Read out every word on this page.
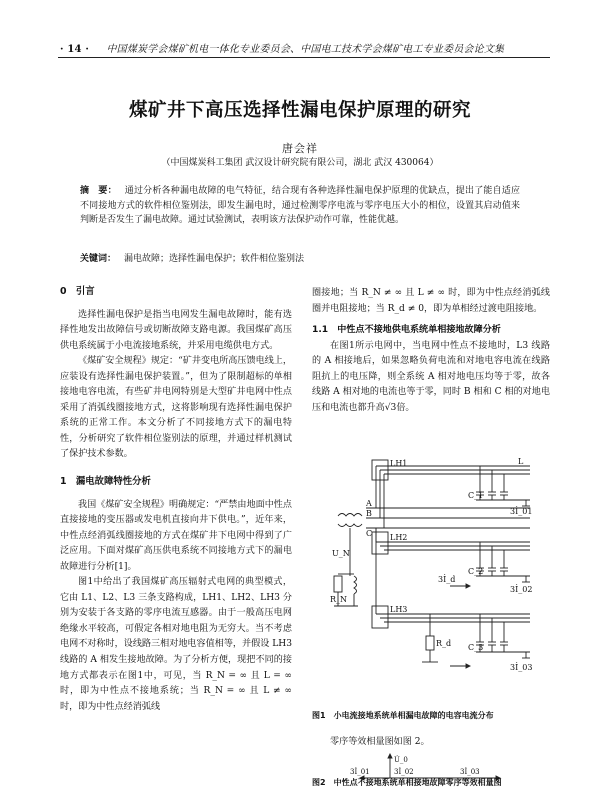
· 14 · 中国煤炭学会煤矿机电一体化专业委员会、中国电工技术学会煤矿电工专业委员会论文集
煤矿井下高压选择性漏电保护原理的研究
唐会祥
（中国煤炭科工集团 武汉设计研究院有限公司，湖北 武汉 430064）
摘　要： 通过分析各种漏电故障的电气特征，结合现有各种选择性漏电保护原理的优缺点，提出了能自适应不同接地方式的软件相位鉴别法，即发生漏电时，通过检测零序电流与零序电压大小的相位，设置其启动值来判断是否发生了漏电故障。通过试验测试，表明该方法保护动作可靠，性能优越。
关键词： 漏电故障；选择性漏电保护；软件相位鉴别法
0　引言

选择性漏电保护是指当电网发生漏电故障时，能有选择性地发出故障信号或切断故障支路电源。我国煤矿高压供电系统属于小电流接地系统，并采用电缆供电方式。

《煤矿安全规程》规定：“矿井变电所高压馈电线上，应装设有选择性漏电保护装置。”，但为了限制超标的单相接地电容电流，有些矿井电网特别是大型矿井电网中性点采用了消弧线圈接地方式，这将影响现有选择性漏电保护系统的正常工作。本文分析了不同接地方式下的漏电特性，分析研究了软件相位鉴别法的原理，并通过样机测试了保护技术参数。

1　漏电故障特性分析

我国《煤矿安全规程》明确规定：“严禁由地面中性点直接接地的变压器或发电机直接向井下供电。”，近年来，中性点经消弧线圈接地的方式在煤矿井下电网中得到了广泛应用。下面对煤矿高压供电系统不同接地方式下的漏电故障进行分析[1]。

图1中给出了我国煤矿高压辐射式电网的典型模式，它由 L1、L2、L3 三条支路构成，LH1、LH2、LH3 分别为安装于各支路的零序电流互感器。由于一般高压电网绝缘水平较高，可假定各相对地电阻为无穷大。当不考虑电网不对称时，设线路三相对地电容值相等，并假设 LH3 线路的 A 相发生接地故障。为了分析方便，现把不同的接地方式都表示在图1中，可见，当 R_N = ∞ 且 L = ∞ 时，即为中性点不接地系统；当 R_N = ∞ 且 L ≠ ∞ 时，即为中性点经消弧线

圈接地；当 R_N ≠ ∞ 且 L ≠ ∞ 时，即为中性点经消弧线圈并电阻接地；当 R_d ≠ 0，即为单相经过渡电阻接地。

1.1　中性点不接地供电系统单相接地故障分析

在图1所示电网中，当电网中性点不接地时，L3 线路的 A 相接地后，如果忽略负荷电流和对地电容电流在线路阻抗上的电压降，则全系统 A 相对地电压均等于零，故各线路 A 相对地的电流也等于零，同时 B 相和 C 相的对地电压和电流也都升高√3倍。

LH1
LH2
LH3
A
B
C
L
R_N
U_N
C_1
C_2
C_3
3İ_01
3İ_02
3İ_03
3İ_d
R_d
图1　小电流接地系统单相漏电故障的电容电流分布
零序等效相量图如图 2。
U̇_0
3İ_02
3İ_01	3İ_03
图2　中性点不接地系统单相接地故障零序等效相量图
